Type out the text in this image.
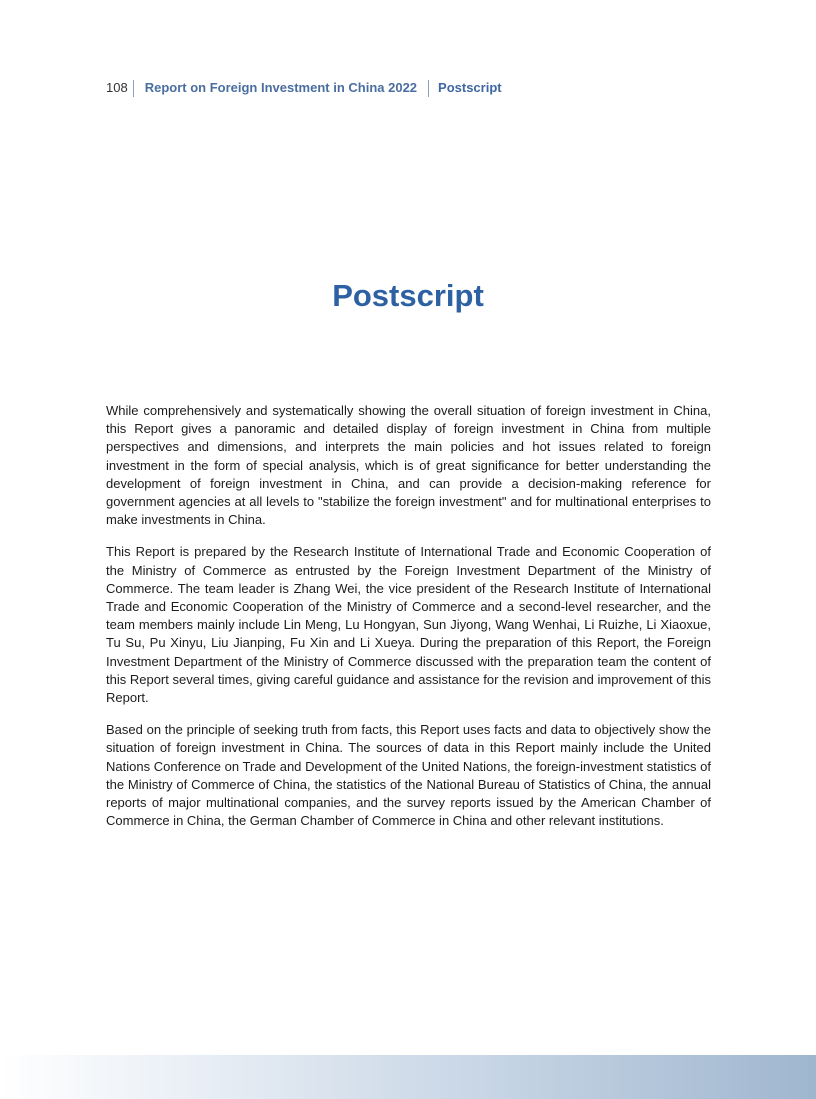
108	Report on Foreign Investment in China 2022	Postscript
Postscript

While comprehensively and systematically showing the overall situation of foreign investment in China, this Report gives a panoramic and detailed display of foreign investment in China from multiple perspectives and dimensions, and interprets the main policies and hot issues related to foreign investment in the form of special analysis, which is of great significance for better understanding the development of foreign investment in China, and can provide a decision-making reference for government agencies at all levels to "stabilize the foreign investment" and for multinational enterprises to make investments in China.

This Report is prepared by the Research Institute of International Trade and Economic Cooperation of the Ministry of Commerce as entrusted by the Foreign Investment Department of the Ministry of Commerce. The team leader is Zhang Wei, the vice president of the Research Institute of International Trade and Economic Cooperation of the Ministry of Commerce and a second-level researcher, and the team members mainly include Lin Meng, Lu Hongyan, Sun Jiyong, Wang Wenhai, Li Ruizhe, Li Xiaoxue, Tu Su, Pu Xinyu, Liu Jianping, Fu Xin and Li Xueya. During the preparation of this Report, the Foreign Investment Department of the Ministry of Commerce discussed with the preparation team the content of this Report several times, giving careful guidance and assistance for the revision and improvement of this Report.

Based on the principle of seeking truth from facts, this Report uses facts and data to objectively show the situation of foreign investment in China. The sources of data in this Report mainly include the United Nations Conference on Trade and Development of the United Nations, the foreign-investment statistics of the Ministry of Commerce of China, the statistics of the National Bureau of Statistics of China, the annual reports of major multinational companies, and the survey reports issued by the American Chamber of Commerce in China, the German Chamber of Commerce in China and other relevant institutions.
